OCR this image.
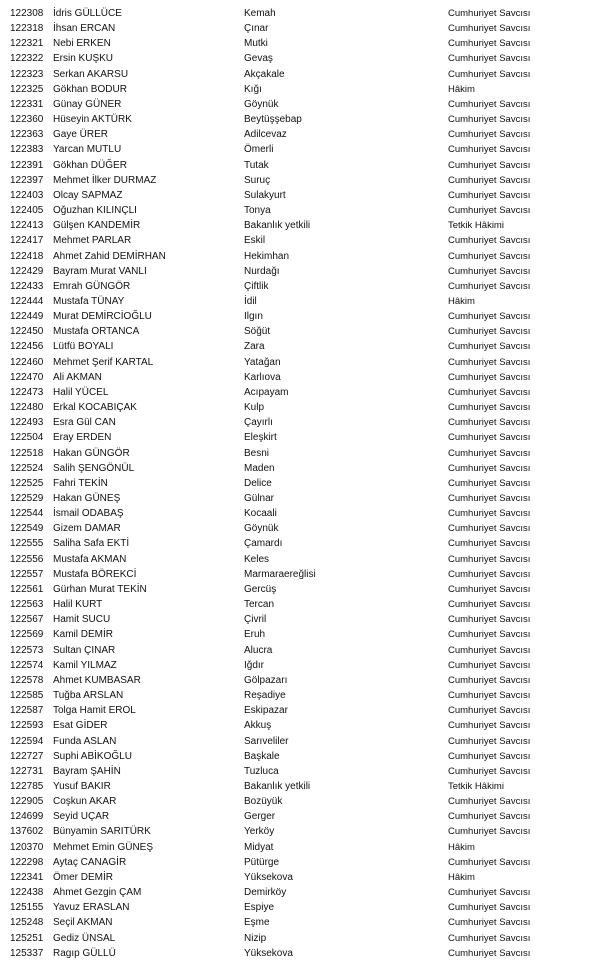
122308 İdris GÜLLÜCE	Kemah	Cumhuriyet Savcısı
122318 İhsan ERCAN	Çınar	Cumhuriyet Savcısı
122321 Nebi ERKEN	Mutki	Cumhuriyet Savcısı
122322 Ersin KUŞKU	Gevaş	Cumhuriyet Savcısı
122323 Serkan AKARSU	Akçakale	Cumhuriyet Savcısı
122325 Gökhan BODUR	Kığı	Hâkim
122331 Günay GÜNER	Göynük	Cumhuriyet Savcısı
122360 Hüseyin AKTÜRK	Beytüşşebap	Cumhuriyet Savcısı
122363 Gaye ÜRER	Adilcevaz	Cumhuriyet Savcısı
122383 Yarcan MUTLU	Ömerli	Cumhuriyet Savcısı
122391 Gökhan DÜĞER	Tutak	Cumhuriyet Savcısı
122397 Mehmet İlker DURMAZ	Suruç	Cumhuriyet Savcısı
122403 Olcay SAPMAZ	Sulakyurt	Cumhuriyet Savcısı
122405 Oğuzhan KILINÇLI	Tonya	Cumhuriyet Savcısı
122413 Gülşen KANDEMİR	Bakanlık yetkili	Tetkik Hâkimi
122417 Mehmet PARLAR	Eskil	Cumhuriyet Savcısı
122418 Ahmet Zahid DEMİRHAN	Hekimhan	Cumhuriyet Savcısı
122429 Bayram Murat VANLI	Nurdağı	Cumhuriyet Savcısı
122433 Emrah GÜNGÖR	Çiftlik	Cumhuriyet Savcısı
122444 Mustafa TÜNAY	İdil	Hâkim
122449 Murat DEMİRCİOĞLU	Ilgın	Cumhuriyet Savcısı
122450 Mustafa ORTANCA	Söğüt	Cumhuriyet Savcısı
122456 Lütfü BOYALI	Zara	Cumhuriyet Savcısı
122460 Mehmet Şerif KARTAL	Yatağan	Cumhuriyet Savcısı
122470 Ali AKMAN	Karlıova	Cumhuriyet Savcısı
122473 Halil YÜCEL	Acıpayam	Cumhuriyet Savcısı
122480 Erkal KOCABIÇAK	Kulp	Cumhuriyet Savcısı
122493 Esra Gül CAN	Çayırlı	Cumhuriyet Savcısı
122504 Eray ERDEN	Eleşkirt	Cumhuriyet Savcısı
122518 Hakan GÜNGÖR	Besni	Cumhuriyet Savcısı
122524 Salih ŞENGÖNÜL	Maden	Cumhuriyet Savcısı
122525 Fahri TEKİN	Delice	Cumhuriyet Savcısı
122529 Hakan GÜNEŞ	Gülnar	Cumhuriyet Savcısı
122544 İsmail ODABAŞ	Kocaali	Cumhuriyet Savcısı
122549 Gizem DAMAR	Göynük	Cumhuriyet Savcısı
122555 Saliha Safa EKTİ	Çamardı	Cumhuriyet Savcısı
122556 Mustafa AKMAN	Keles	Cumhuriyet Savcısı
122557 Mustafa BÖREKCİ	Marmaraereğlisi	Cumhuriyet Savcısı
122561 Gürhan Murat TEKİN	Gercüş	Cumhuriyet Savcısı
122563 Halil KURT	Tercan	Cumhuriyet Savcısı
122567 Hamit SUCU	Çivril	Cumhuriyet Savcısı
122569 Kamil DEMİR	Eruh	Cumhuriyet Savcısı
122573 Sultan ÇINAR	Alucra	Cumhuriyet Savcısı
122574 Kamil YILMAZ	Iğdır	Cumhuriyet Savcısı
122578 Ahmet KUMBASAR	Gölpazarı	Cumhuriyet Savcısı
122585 Tuğba ARSLAN	Reşadiye	Cumhuriyet Savcısı
122587 Tolga Hamit EROL	Eskipazar	Cumhuriyet Savcısı
122593 Esat GİDER	Akkuş	Cumhuriyet Savcısı
122594 Funda ASLAN	Sarıveliler	Cumhuriyet Savcısı
122727 Suphi ABİKOĞLU	Başkale	Cumhuriyet Savcısı
122731 Bayram ŞAHİN	Tuzluca	Cumhuriyet Savcısı
122785 Yusuf BAKIR	Bakanlık yetkili	Tetkik Hâkimi
122905 Coşkun AKAR	Bozüyük	Cumhuriyet Savcısı
124699 Seyid UÇAR	Gerger	Cumhuriyet Savcısı
137602 Bünyamin SARITÜRK	Yerköy	Cumhuriyet Savcısı
120370 Mehmet Emin GÜNEŞ	Midyat	Hâkim
122298 Aytaç CANAGİR	Pütürge	Cumhuriyet Savcısı
122341 Ömer DEMİR	Yüksekova	Hâkim
122438 Ahmet Gezgin ÇAM	Demirköy	Cumhuriyet Savcısı
125155 Yavuz ERASLAN	Espiye	Cumhuriyet Savcısı
125248 Seçil AKMAN	Eşme	Cumhuriyet Savcısı
125251 Gediz ÜNSAL	Nizip	Cumhuriyet Savcısı
125337 Ragıp GÜLLÜ	Yüksekova	Cumhuriyet Savcısı
